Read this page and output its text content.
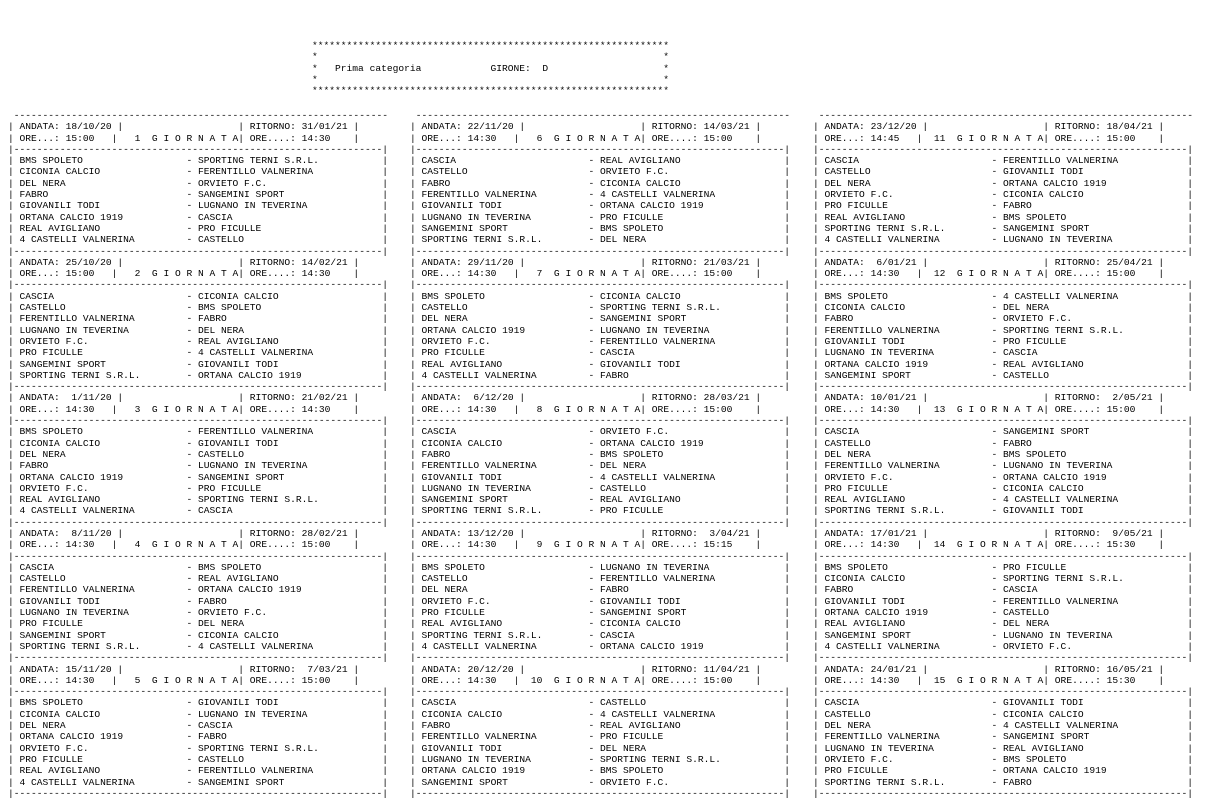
**************************************************************
*                                                            *
*   Prima categoria	GIRONE: D	*
*                                                            *
**************************************************************
-----------------------------------------------------------------
| ANDATA: 18/10/20 |                    | RITORNO: 31/01/21 |
| ORE...: 15:00   |   1  G I O R N A T A| ORE....: 14:30    |
|----------------------------------------------------------------|
| BMS SPOLETO                  - SPORTING TERNI S.R.L.           |
| CICONIA CALCIO               - FERENTILLO VALNERINA            |
| DEL NERA                     - ORVIETO F.C.                    |
| FABRO                        - SANGEMINI SPORT                 |
| GIOVANILI TODI               - LUGNANO IN TEVERINA             |
| ORTANA CALCIO 1919           - CASCIA                          |
| REAL AVIGLIANO               - PRO FICULLE                     |
| 4 CASTELLI VALNERINA         - CASTELLO                        |
|----------------------------------------------------------------|
| ANDATA: 25/10/20 |                    | RITORNO: 14/02/21 |
| ORE...: 15:00   |   2  G I O R N A T A| ORE....: 14:30    |
|----------------------------------------------------------------|
| CASCIA                       - CICONIA CALCIO                  |
| CASTELLO                     - BMS SPOLETO                     |
| FERENTILLO VALNERINA         - FABRO                           |
| LUGNANO IN TEVERINA          - DEL NERA                        |
| ORVIETO F.C.                 - REAL AVIGLIANO                  |
| PRO FICULLE                  - 4 CASTELLI VALNERINA            |
| SANGEMINI SPORT              - GIOVANILI TODI                  |
| SPORTING TERNI S.R.L.        - ORTANA CALCIO 1919              |
|----------------------------------------------------------------|
| ANDATA:  1/11/20 |                    | RITORNO: 21/02/21 |
| ORE...: 14:30   |   3  G I O R N A T A| ORE....: 14:30    |
|----------------------------------------------------------------|
| BMS SPOLETO                  - FERENTILLO VALNERINA            |
| CICONIA CALCIO               - GIOVANILI TODI                  |
| DEL NERA                     - CASTELLO                        |
| FABRO                        - LUGNANO IN TEVERINA             |
| ORTANA CALCIO 1919           - SANGEMINI SPORT                 |
| ORVIETO F.C.                 - PRO FICULLE                     |
| REAL AVIGLIANO               - SPORTING TERNI S.R.L.           |
| 4 CASTELLI VALNERINA         - CASCIA                          |
|----------------------------------------------------------------|
| ANDATA:  8/11/20 |                    | RITORNO: 28/02/21 |
| ORE...: 14:30   |   4  G I O R N A T A| ORE....: 15:00    |
|----------------------------------------------------------------|
| CASCIA                       - BMS SPOLETO                     |
| CASTELLO                     - REAL AVIGLIANO                  |
| FERENTILLO VALNERINA         - ORTANA CALCIO 1919              |
| GIOVANILI TODI               - FABRO                           |
| LUGNANO IN TEVERINA          - ORVIETO F.C.                    |
| PRO FICULLE                  - DEL NERA                        |
| SANGEMINI SPORT              - CICONIA CALCIO                  |
| SPORTING TERNI S.R.L.        - 4 CASTELLI VALNERINA            |
|----------------------------------------------------------------|
| ANDATA: 15/11/20 |                    | RITORNO:  7/03/21 |
| ORE...: 14:30   |   5  G I O R N A T A| ORE....: 15:00    |
|----------------------------------------------------------------|
| BMS SPOLETO                  - GIOVANILI TODI                  |
| CICONIA CALCIO               - LUGNANO IN TEVERINA             |
| DEL NERA                     - CASCIA                          |
| ORTANA CALCIO 1919           - FABRO                           |
| ORVIETO F.C.                 - SPORTING TERNI S.R.L.           |
| PRO FICULLE                  - CASTELLO                        |
| REAL AVIGLIANO               - FERENTILLO VALNERINA            |
| 4 CASTELLI VALNERINA         - SANGEMINI SPORT                 |
|----------------------------------------------------------------|

-----------------------------------------------------------------
| ANDATA: 22/11/20 |                    | RITORNO: 14/03/21 |
| ORE...: 14:30   |   6  G I O R N A T A| ORE....: 15:00    |
|----------------------------------------------------------------|
| CASCIA                       - REAL AVIGLIANO                  |
| CASTELLO                     - ORVIETO F.C.                    |
| FABRO                        - CICONIA CALCIO                  |
| FERENTILLO VALNERINA         - 4 CASTELLI VALNERINA            |
| GIOVANILI TODI               - ORTANA CALCIO 1919              |
| LUGNANO IN TEVERINA          - PRO FICULLE                     |
| SANGEMINI SPORT              - BMS SPOLETO                     |
| SPORTING TERNI S.R.L.        - DEL NERA                        |
|----------------------------------------------------------------|
| ANDATA: 29/11/20 |                    | RITORNO: 21/03/21 |
| ORE...: 14:30   |   7  G I O R N A T A| ORE....: 15:00    |
|----------------------------------------------------------------|
| BMS SPOLETO                  - CICONIA CALCIO                  |
| CASTELLO                     - SPORTING TERNI S.R.L.           |
| DEL NERA                     - SANGEMINI SPORT                 |
| ORTANA CALCIO 1919           - LUGNANO IN TEVERINA             |
| ORVIETO F.C.                 - FERENTILLO VALNERINA            |
| PRO FICULLE                  - CASCIA                          |
| REAL AVIGLIANO               - GIOVANILI TODI                  |
| 4 CASTELLI VALNERINA         - FABRO                           |
|----------------------------------------------------------------|
| ANDATA:  6/12/20 |                    | RITORNO: 28/03/21 |
| ORE...: 14:30   |   8  G I O R N A T A| ORE....: 15:00    |
|----------------------------------------------------------------|
| CASCIA                       - ORVIETO F.C.                    |
| CICONIA CALCIO               - ORTANA CALCIO 1919              |
| FABRO                        - BMS SPOLETO                     |
| FERENTILLO VALNERINA         - DEL NERA                        |
| GIOVANILI TODI               - 4 CASTELLI VALNERINA            |
| LUGNANO IN TEVERINA          - CASTELLO                        |
| SANGEMINI SPORT              - REAL AVIGLIANO                  |
| SPORTING TERNI S.R.L.        - PRO FICULLE                     |
|----------------------------------------------------------------|
| ANDATA: 13/12/20 |                    | RITORNO:  3/04/21 |
| ORE...: 14:30   |   9  G I O R N A T A| ORE....: 15:15    |
|----------------------------------------------------------------|
| BMS SPOLETO                  - LUGNANO IN TEVERINA             |
| CASTELLO                     - FERENTILLO VALNERINA            |
| DEL NERA                     - FABRO                           |
| ORVIETO F.C.                 - GIOVANILI TODI                  |
| PRO FICULLE                  - SANGEMINI SPORT                 |
| REAL AVIGLIANO               - CICONIA CALCIO                  |
| SPORTING TERNI S.R.L.        - CASCIA                          |
| 4 CASTELLI VALNERINA         - ORTANA CALCIO 1919              |
|----------------------------------------------------------------|
| ANDATA: 20/12/20 |                    | RITORNO: 11/04/21 |
| ORE...: 14:30   |  10  G I O R N A T A| ORE....: 15:00    |
|----------------------------------------------------------------|
| CASCIA                       - CASTELLO                        |
| CICONIA CALCIO               - 4 CASTELLI VALNERINA            |
| FABRO                        - REAL AVIGLIANO                  |
| FERENTILLO VALNERINA         - PRO FICULLE                     |
| GIOVANILI TODI               - DEL NERA                        |
| LUGNANO IN TEVERINA          - SPORTING TERNI S.R.L.           |
| ORTANA CALCIO 1919           - BMS SPOLETO                     |
| SANGEMINI SPORT              - ORVIETO F.C.                    |
|----------------------------------------------------------------|

-----------------------------------------------------------------
| ANDATA: 23/12/20 |                    | RITORNO: 18/04/21 |
| ORE...: 14:45   |  11  G I O R N A T A| ORE....: 15:00    |
|----------------------------------------------------------------|
| CASCIA                       - FERENTILLO VALNERINA            |
| CASTELLO                     - GIOVANILI TODI                  |
| DEL NERA                     - ORTANA CALCIO 1919              |
| ORVIETO F.C.                 - CICONIA CALCIO                  |
| PRO FICULLE                  - FABRO                           |
| REAL AVIGLIANO               - BMS SPOLETO                     |
| SPORTING TERNI S.R.L.        - SANGEMINI SPORT                 |
| 4 CASTELLI VALNERINA         - LUGNANO IN TEVERINA             |
|----------------------------------------------------------------|
| ANDATA:  6/01/21 |                    | RITORNO: 25/04/21 |
| ORE...: 14:30   |  12  G I O R N A T A| ORE....: 15:00    |
|----------------------------------------------------------------|
| BMS SPOLETO                  - 4 CASTELLI VALNERINA            |
| CICONIA CALCIO               - DEL NERA                        |
| FABRO                        - ORVIETO F.C.                    |
| FERENTILLO VALNERINA         - SPORTING TERNI S.R.L.           |
| GIOVANILI TODI               - PRO FICULLE                     |
| LUGNANO IN TEVERINA          - CASCIA                          |
| ORTANA CALCIO 1919           - REAL AVIGLIANO                  |
| SANGEMINI SPORT              - CASTELLO                        |
|----------------------------------------------------------------|
| ANDATA: 10/01/21 |                    | RITORNO:  2/05/21 |
| ORE...: 14:30   |  13  G I O R N A T A| ORE....: 15:00    |
|----------------------------------------------------------------|
| CASCIA                       - SANGEMINI SPORT                 |
| CASTELLO                     - FABRO                           |
| DEL NERA                     - BMS SPOLETO                     |
| FERENTILLO VALNERINA         - LUGNANO IN TEVERINA             |
| ORVIETO F.C.                 - ORTANA CALCIO 1919              |
| PRO FICULLE                  - CICONIA CALCIO                  |
| REAL AVIGLIANO               - 4 CASTELLI VALNERINA            |
| SPORTING TERNI S.R.L.        - GIOVANILI TODI                  |
|----------------------------------------------------------------|
| ANDATA: 17/01/21 |                    | RITORNO:  9/05/21 |
| ORE...: 14:30   |  14  G I O R N A T A| ORE....: 15:30    |
|----------------------------------------------------------------|
| BMS SPOLETO                  - PRO FICULLE                     |
| CICONIA CALCIO               - SPORTING TERNI S.R.L.           |
| FABRO                        - CASCIA                          |
| GIOVANILI TODI               - FERENTILLO VALNERINA            |
| ORTANA CALCIO 1919           - CASTELLO                        |
| REAL AVIGLIANO               - DEL NERA                        |
| SANGEMINI SPORT              - LUGNANO IN TEVERINA             |
| 4 CASTELLI VALNERINA         - ORVIETO F.C.                    |
|----------------------------------------------------------------|
| ANDATA: 24/01/21 |                    | RITORNO: 16/05/21 |
| ORE...: 14:30   |  15  G I O R N A T A| ORE....: 15:30    |
|----------------------------------------------------------------|
| CASCIA                       - GIOVANILI TODI                  |
| CASTELLO                     - CICONIA CALCIO                  |
| DEL NERA                     - 4 CASTELLI VALNERINA            |
| FERENTILLO VALNERINA         - SANGEMINI SPORT                 |
| LUGNANO IN TEVERINA          - REAL AVIGLIANO                  |
| ORVIETO F.C.                 - BMS SPOLETO                     |
| PRO FICULLE                  - ORTANA CALCIO 1919              |
| SPORTING TERNI S.R.L.        - FABRO                           |
|----------------------------------------------------------------|
